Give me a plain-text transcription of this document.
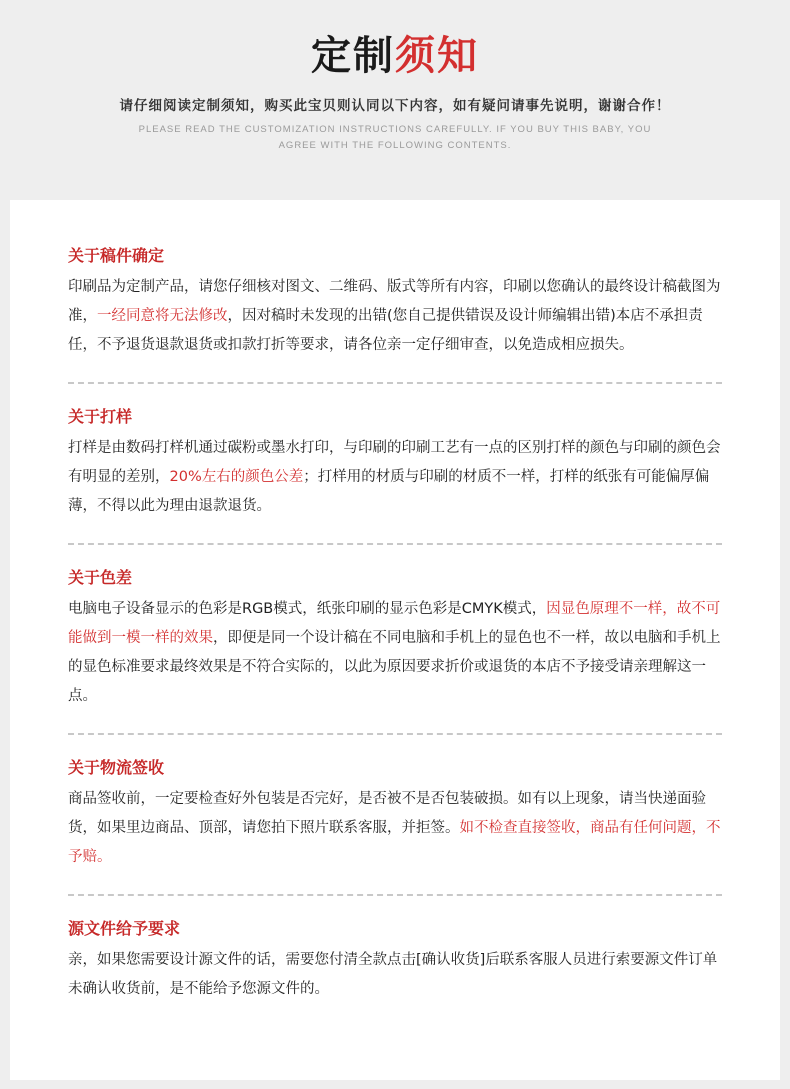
定制须知
请仔细阅读定制须知，购买此宝贝则认同以下内容，如有疑问请事先说明，谢谢合作！
PLEASE READ THE CUSTOMIZATION INSTRUCTIONS CAREFULLY. IF YOU BUY THIS BABY, YOU
AGREE WITH THE FOLLOWING CONTENTS.
关于稿件确定

印刷品为定制产品，请您仔细核对图文、二维码、版式等所有内容，印刷以您确认的最终设计稿截图为准，一经同意将无法修改，因对稿时未发现的出错(您自己提供错误及设计师编辑出错)本店不承担责任，不予退货退款退货或扣款打折等要求，请各位亲一定仔细审查，以免造成相应损失。

关于打样

打样是由数码打样机通过碳粉或墨水打印，与印刷的印刷工艺有一点的区别打样的颜色与印刷的颜色会有明显的差别，20%左右的颜色公差；打样用的材质与印刷的材质不一样，打样的纸张有可能偏厚偏薄，不得以此为理由退款退货。

关于色差

电脑电子设备显示的色彩是RGB模式，纸张印刷的显示色彩是CMYK模式，因显色原理不一样，故不可能做到一模一样的效果，即便是同一个设计稿在不同电脑和手机上的显色也不一样，故以电脑和手机上的显色标准要求最终效果是不符合实际的，以此为原因要求折价或退货的本店不予接受请亲理解这一点。

关于物流签收

商品签收前，一定要检查好外包装是否完好，是否被不是否包装破损。如有以上现象，请当快递面验货，如果里边商品、顶部，请您拍下照片联系客服，并拒签。如不检查直接签收，商品有任何问题，不予赔。

源文件给予要求

亲，如果您需要设计源文件的话，需要您付清全款点击[确认收货]后联系客服人员进行索要源文件订单未确认收货前，是不能给予您源文件的。
